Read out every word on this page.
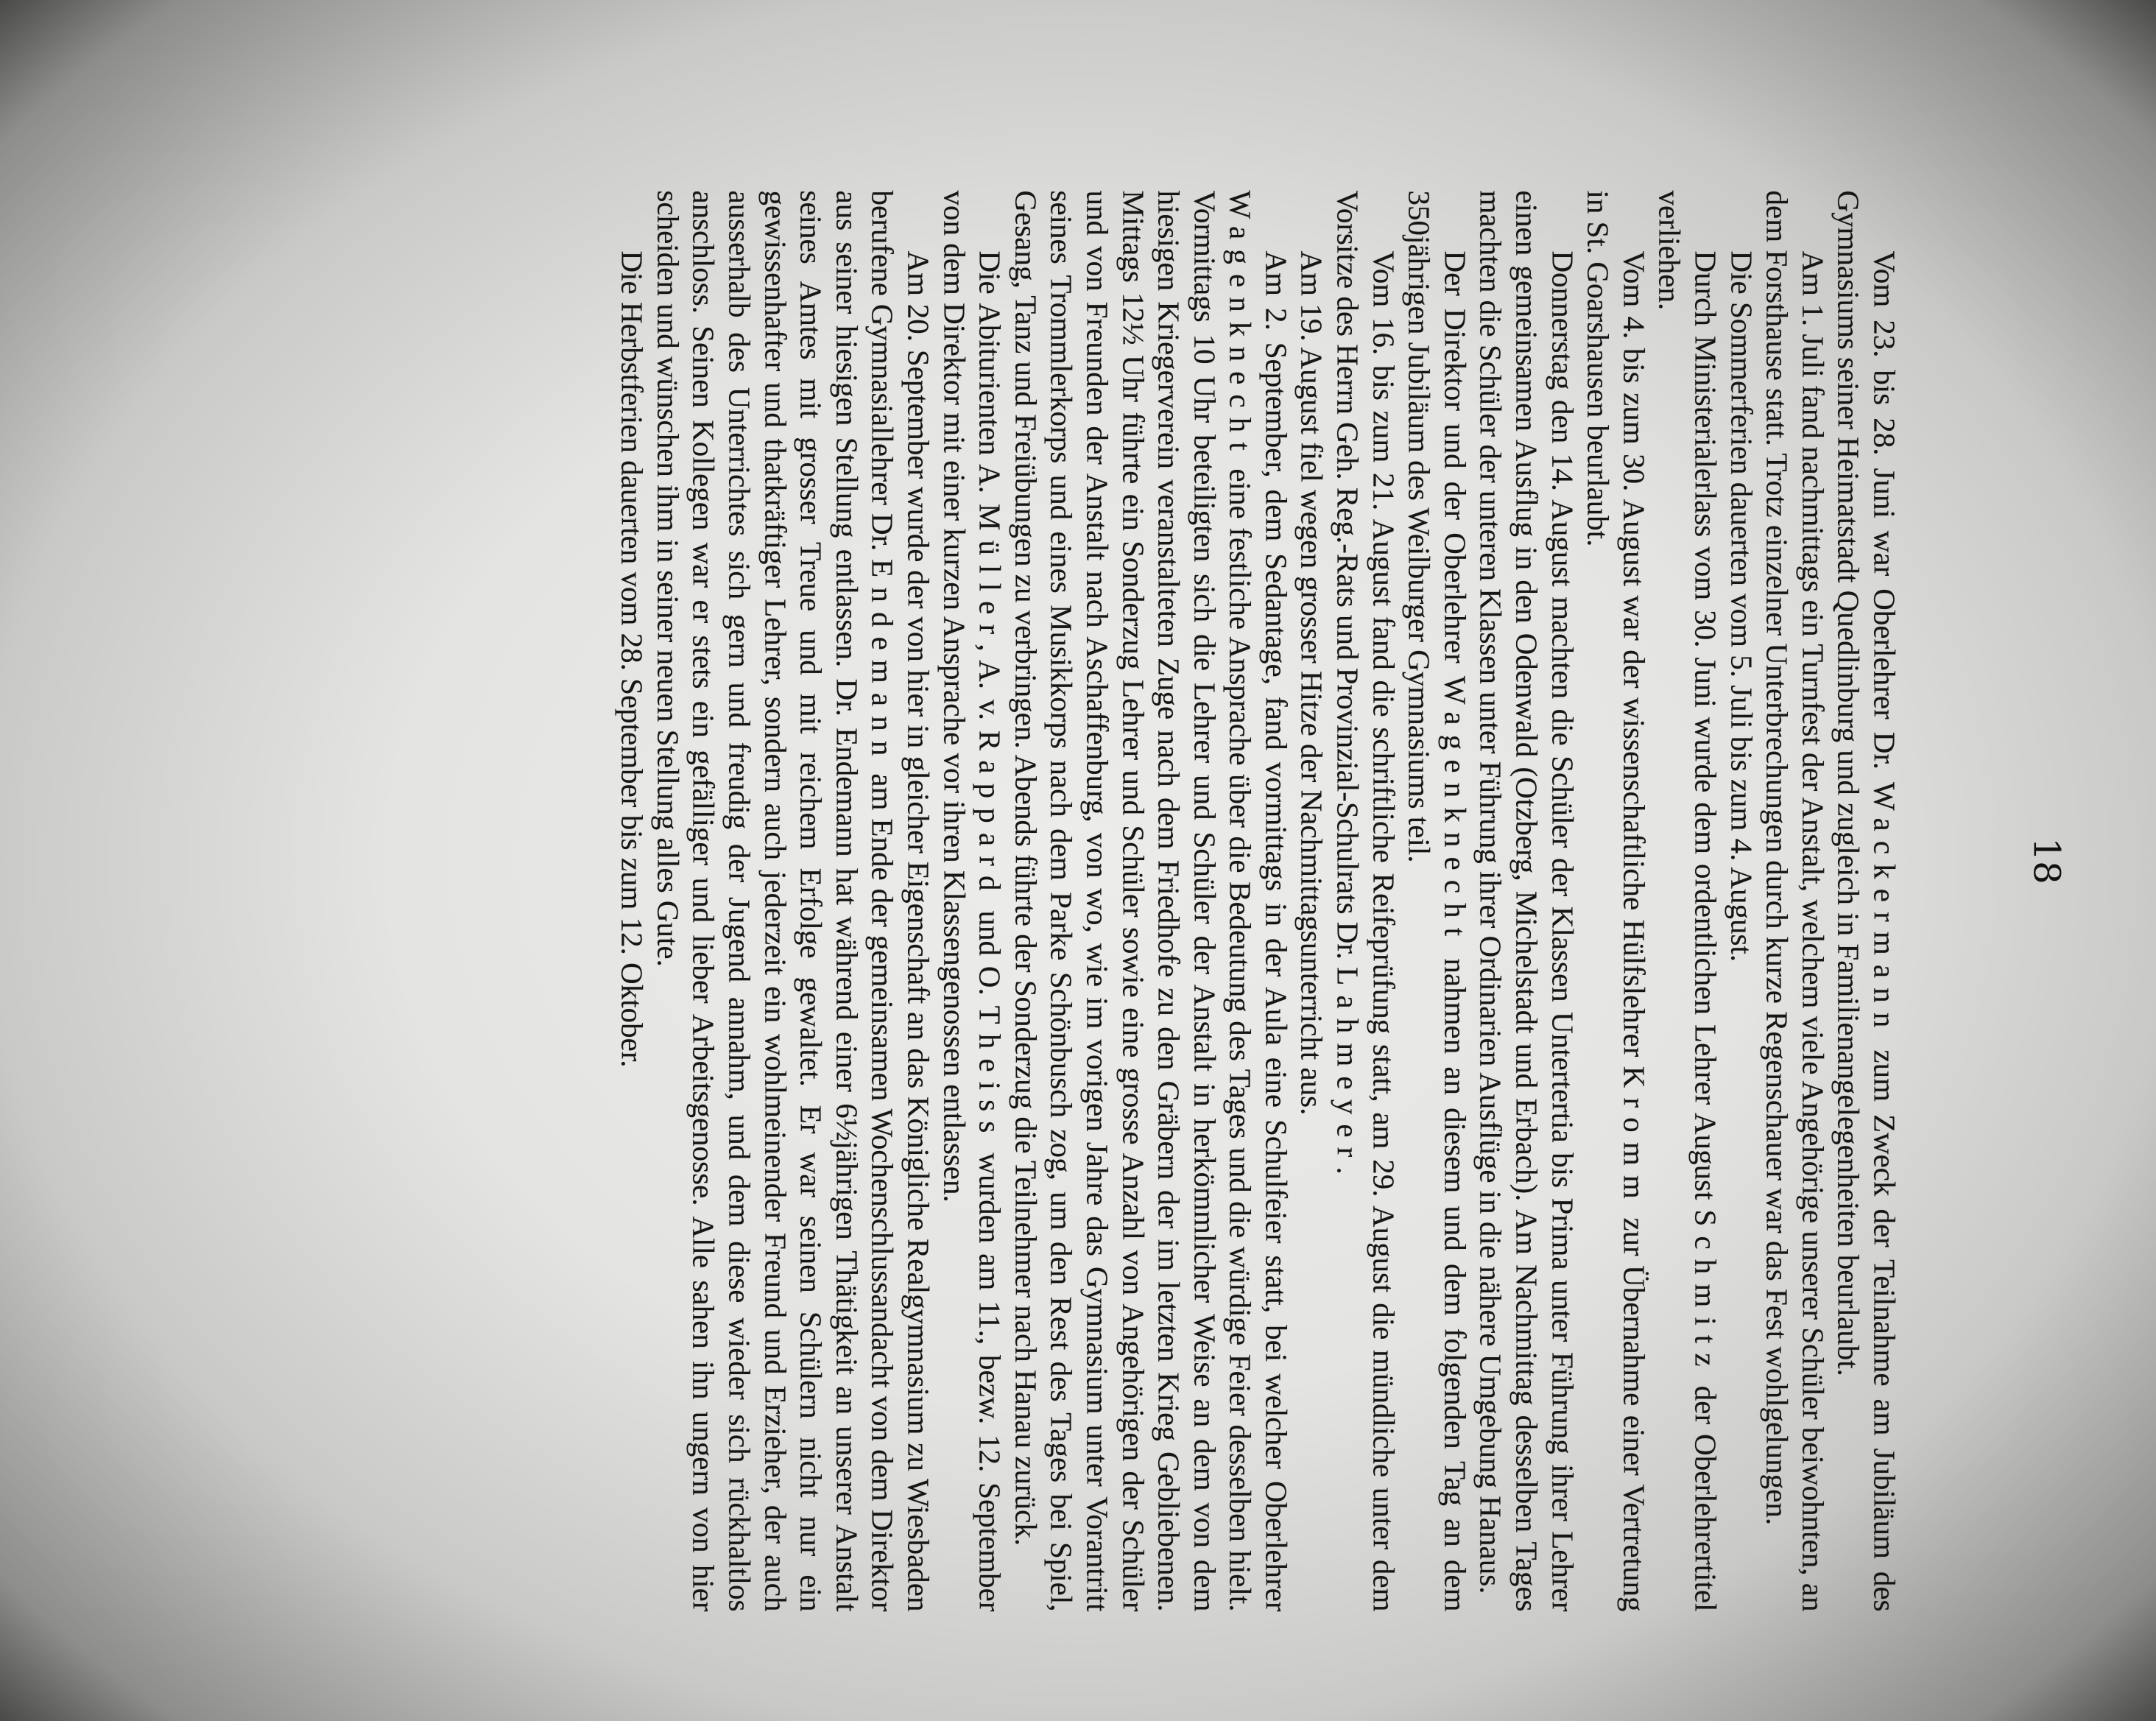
18

Vom 23. bis 28. Juni war Oberlehrer Dr. Wackermann zum Zweck der Teilnahme am Jubiläum des Gymnasiums seiner Heimatstadt Quedlinburg und zugleich in Familienangelegenheiten beurlaubt.

Am 1. Juli fand nachmittags ein Turnfest der Anstalt, welchem viele Angehörige unserer Schüler beiwohnten, an dem Forsthause statt. Trotz einzelner Unterbrechungen durch kurze Regenschauer war das Fest wohlgelungen.

Die Sommerferien dauerten vom 5. Juli bis zum 4. August.

Durch Ministerialerlass vom 30. Juni wurde dem ordentlichen Lehrer August Schmitz der Oberlehrertitel verliehen.

Vom 4. bis zum 30. August war der wissenschaftliche Hülfslehrer Kromm zur Übernahme einer Vertretung in St. Goarshausen beurlaubt.

Donnerstag den 14. August machten die Schüler der Klassen Untertertia bis Prima unter Führung ihrer Lehrer einen gemeinsamen Ausflug in den Odenwald (Otzberg, Michelstadt und Erbach). Am Nachmittag desselben Tages machten die Schüler der unteren Klassen unter Führung ihrer Ordinarien Ausflüge in die nähere Umgebung Hanaus.

Der Direktor und der Oberlehrer Wagenknecht nahmen an diesem und dem folgenden Tag an dem 350jährigen Jubiläum des Weilburger Gymnasiums teil.

Vom 16. bis zum 21. August fand die schriftliche Reifeprüfung statt, am 29. August die mündliche unter dem Vorsitze des Herrn Geh. Reg.-Rats und Provinzial-Schulrats Dr. Lahmeyer.

Am 19. August fiel wegen grosser Hitze der Nachmittagsunterricht aus.

Am 2. September, dem Sedantage, fand vormittags in der Aula eine Schulfeier statt, bei welcher Oberlehrer Wagenknecht eine festliche Ansprache über die Bedeutung des Tages und die würdige Feier desselben hielt. Vormittags 10 Uhr beteiligten sich die Lehrer und Schüler der Anstalt in herkömmlicher Weise an dem von dem hiesigen Kriegerverein veranstalteten Zuge nach dem Friedhofe zu den Gräbern der im letzten Krieg Gebliebenen. Mittags 12½ Uhr führte ein Sonderzug Lehrer und Schüler sowie eine grosse Anzahl von Angehörigen der Schüler und von Freunden der Anstalt nach Aschaffenburg, von wo, wie im vorigen Jahre das Gymnasium unter Vorantritt seines Trommlerkorps und eines Musikkorps nach dem Parke Schönbusch zog, um den Rest des Tages bei Spiel, Gesang, Tanz und Freiübungen zu verbringen. Abends führte der Sonderzug die Teilnehmer nach Hanau zurück.

Die Abiturienten A. Müller, A. v. Rappard und O. Theiss wurden am 11., bezw. 12. September von dem Direktor mit einer kurzen Ansprache vor ihren Klassengenossen entlassen.

Am 20. September wurde der von hier in gleicher Eigenschaft an das Königliche Realgymnasium zu Wiesbaden berufene Gymnasiallehrer Dr. Endemann am Ende der gemeinsamen Wochenschlussandacht von dem Direktor aus seiner hiesigen Stellung entlassen. Dr. Endemann hat während einer 6½jährigen Thätigkeit an unserer Anstalt seines Amtes mit grosser Treue und mit reichem Erfolge gewaltet. Er war seinen Schülern nicht nur ein gewissenhafter und thatkräftiger Lehrer, sondern auch jederzeit ein wohlmeinender Freund und Erzieher, der auch ausserhalb des Unterrichtes sich gern und freudig der Jugend annahm, und dem diese wieder sich rückhaltlos anschloss. Seinen Kollegen war er stets ein gefälliger und lieber Arbeitsgenosse. Alle sahen ihn ungern von hier scheiden und wünschen ihm in seiner neuen Stellung alles Gute.

Die Herbstferien dauerten vom 28. September bis zum 12. Oktober.
